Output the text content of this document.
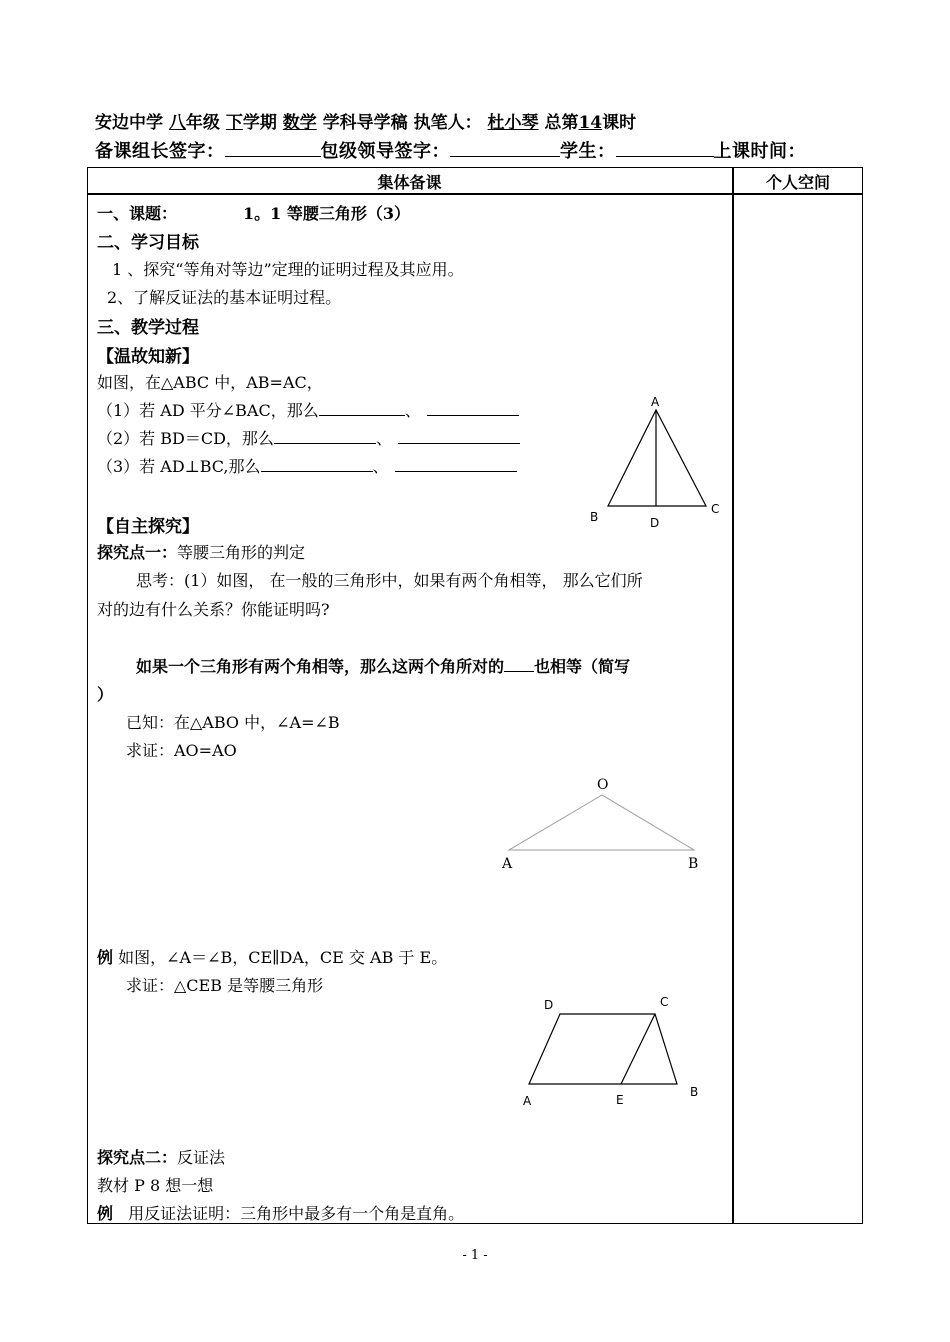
安边中学 八年级 下学期 数学 学科导学稿 执笔人： 杜小琴 总第14课时
备课组长签字：	包级领导签字：	学生：	上课时间：
集体备课	个人空间
一、课题：	1。1 等腰三角形（3）
二、学习目标
1 、探究“等角对等边”定理的证明过程及其应用。
2、了解反证法的基本证明过程。
三、教学过程
【温故知新】
如图，在△ABC 中，AB=AC，
（1）若 AD 平分∠BAC，那么	、
（2）若 BD＝CD，那么	、
（3）若 AD⊥BC,那么	、
A
B
C
D
【自主探究】
探究点一：等腰三角形的判定
思考：(1）如图， 在一般的三角形中，如果有两个角相等， 那么它们所
对的边有什么关系？你能证明吗?
如果一个三角形有两个角相等，那么这两个角所对的 也相等（简写
）
已知：在△ABO 中，∠A=∠B
求证：AO=AO
O
A	B
例 如图，∠A＝∠B，CE∥DA，CE 交 AB 于 E。
求证：△CEB 是等腰三角形
D	C
A	E
B
探究点二：反证法
教材 P 8 想一想
例 用反证法证明：三角形中最多有一个角是直角。
- 1 -
